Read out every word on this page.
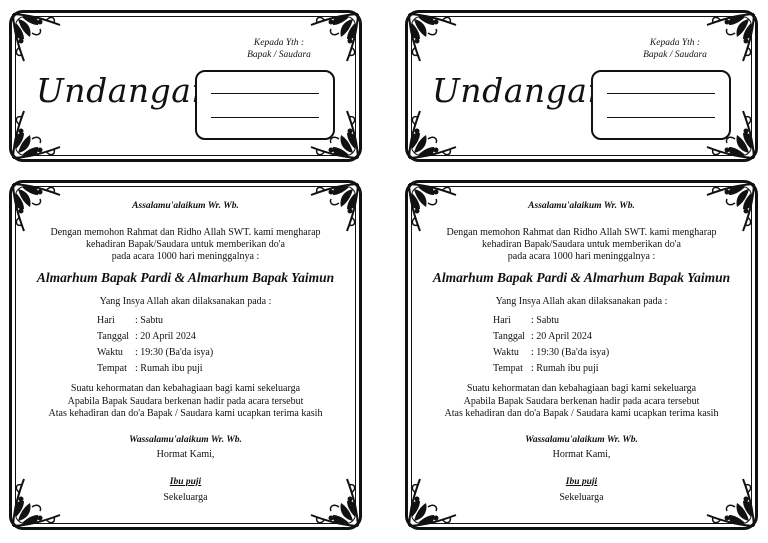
Kepada Yth :
Bapak / Saudara
Undangan
Kepada Yth :
Bapak / Saudara
Undangan
Assalamu'alaikum Wr. Wb.
Dengan memohon Rahmat dan Ridho Allah SWT. kami mengharap
kehadiran Bapak/Saudara untuk memberikan do'a
pada acara 1000 hari meninggalnya :
Almarhum Bapak Pardi & Almarhum Bapak Yaimun
Yang Insya Allah akan dilaksanakan pada :
Hari : Sabtu
Tanggal : 20 April 2024
Waktu : 19:30 (Ba'da isya)
Tempat : Rumah ibu puji
Suatu kehormatan dan kebahagiaan bagi kami sekeluarga
Apabila Bapak Saudara berkenan hadir pada acara tersebut
Atas kehadiran dan do'a Bapak / Saudara kami ucapkan terima kasih
Wassalamu'alaikum Wr. Wb.
Hormat Kami,
Ibu puji
Sekeluarga
Assalamu'alaikum Wr. Wb.
Dengan memohon Rahmat dan Ridho Allah SWT. kami mengharap
kehadiran Bapak/Saudara untuk memberikan do'a
pada acara 1000 hari meninggalnya :
Almarhum Bapak Pardi & Almarhum Bapak Yaimun
Yang Insya Allah akan dilaksanakan pada :
Hari : Sabtu
Tanggal : 20 April 2024
Waktu : 19:30 (Ba'da isya)
Tempat : Rumah ibu puji
Suatu kehormatan dan kebahagiaan bagi kami sekeluarga
Apabila Bapak Saudara berkenan hadir pada acara tersebut
Atas kehadiran dan do'a Bapak / Saudara kami ucapkan terima kasih
Wassalamu'alaikum Wr. Wb.
Hormat Kami,
Ibu puji
Sekeluarga
